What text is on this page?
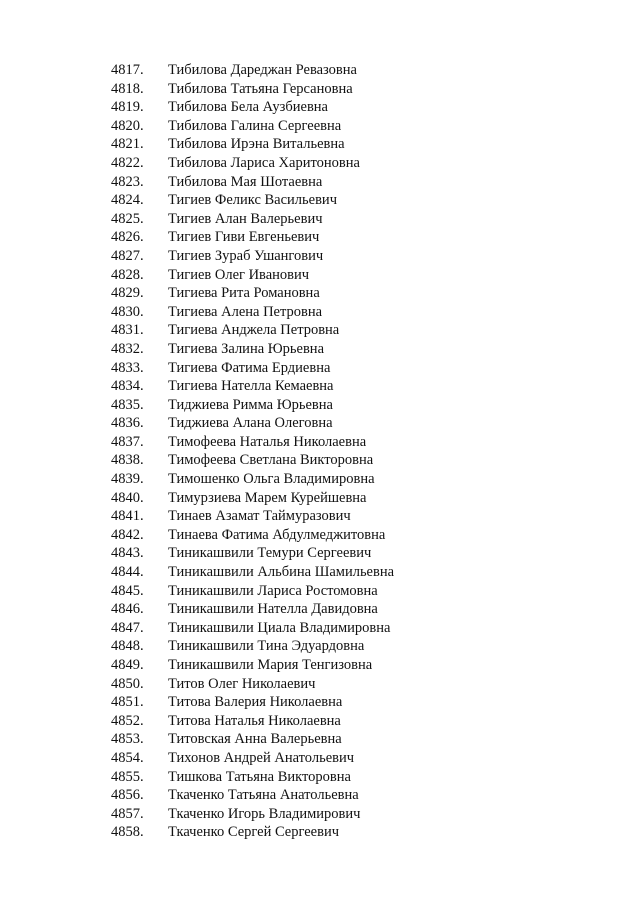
4817. Тибилова Дареджан Ревазовна
4818. Тибилова Татьяна Герсановна
4819. Тибилова Бела Аузбиевна
4820. Тибилова Галина Сергеевна
4821. Тибилова Ирэна Витальевна
4822. Тибилова Лариса Харитоновна
4823. Тибилова Мая Шотаевна
4824. Тигиев Феликс Васильевич
4825. Тигиев Алан Валерьевич
4826. Тигиев Гиви Евгеньевич
4827. Тигиев Зураб Ушангович
4828. Тигиев Олег Иванович
4829. Тигиева Рита Романовна
4830. Тигиева Алена Петровна
4831. Тигиева Анджела Петровна
4832. Тигиева Залина Юрьевна
4833. Тигиева Фатима Ердиевна
4834. Тигиева Нателла Кемаевна
4835. Тиджиева Римма Юрьевна
4836. Тиджиева Алана Олеговна
4837. Тимофеева Наталья Николаевна
4838. Тимофеева Светлана Викторовна
4839. Тимошенко Ольга Владимировна
4840. Тимурзиева Марем Курейшевна
4841. Тинаев Азамат Таймуразович
4842. Тинаева Фатима Абдулмеджитовна
4843. Тиникашвили Темури Сергеевич
4844. Тиникашвили Альбина Шамильевна
4845. Тиникашвили Лариса Ростомовна
4846. Тиникашвили Нателла Давидовна
4847. Тиникашвили Циала Владимировна
4848. Тиникашвили Тина Эдуардовна
4849. Тиникашвили Мария Тенгизовна
4850. Титов Олег Николаевич
4851. Титова Валерия Николаевна
4852. Титова Наталья Николаевна
4853. Титовская Анна Валерьевна
4854. Тихонов Андрей Анатольевич
4855. Тишкова Татьяна Викторовна
4856. Ткаченко Татьяна Анатольевна
4857. Ткаченко Игорь Владимирович
4858. Ткаченко Сергей Сергеевич
